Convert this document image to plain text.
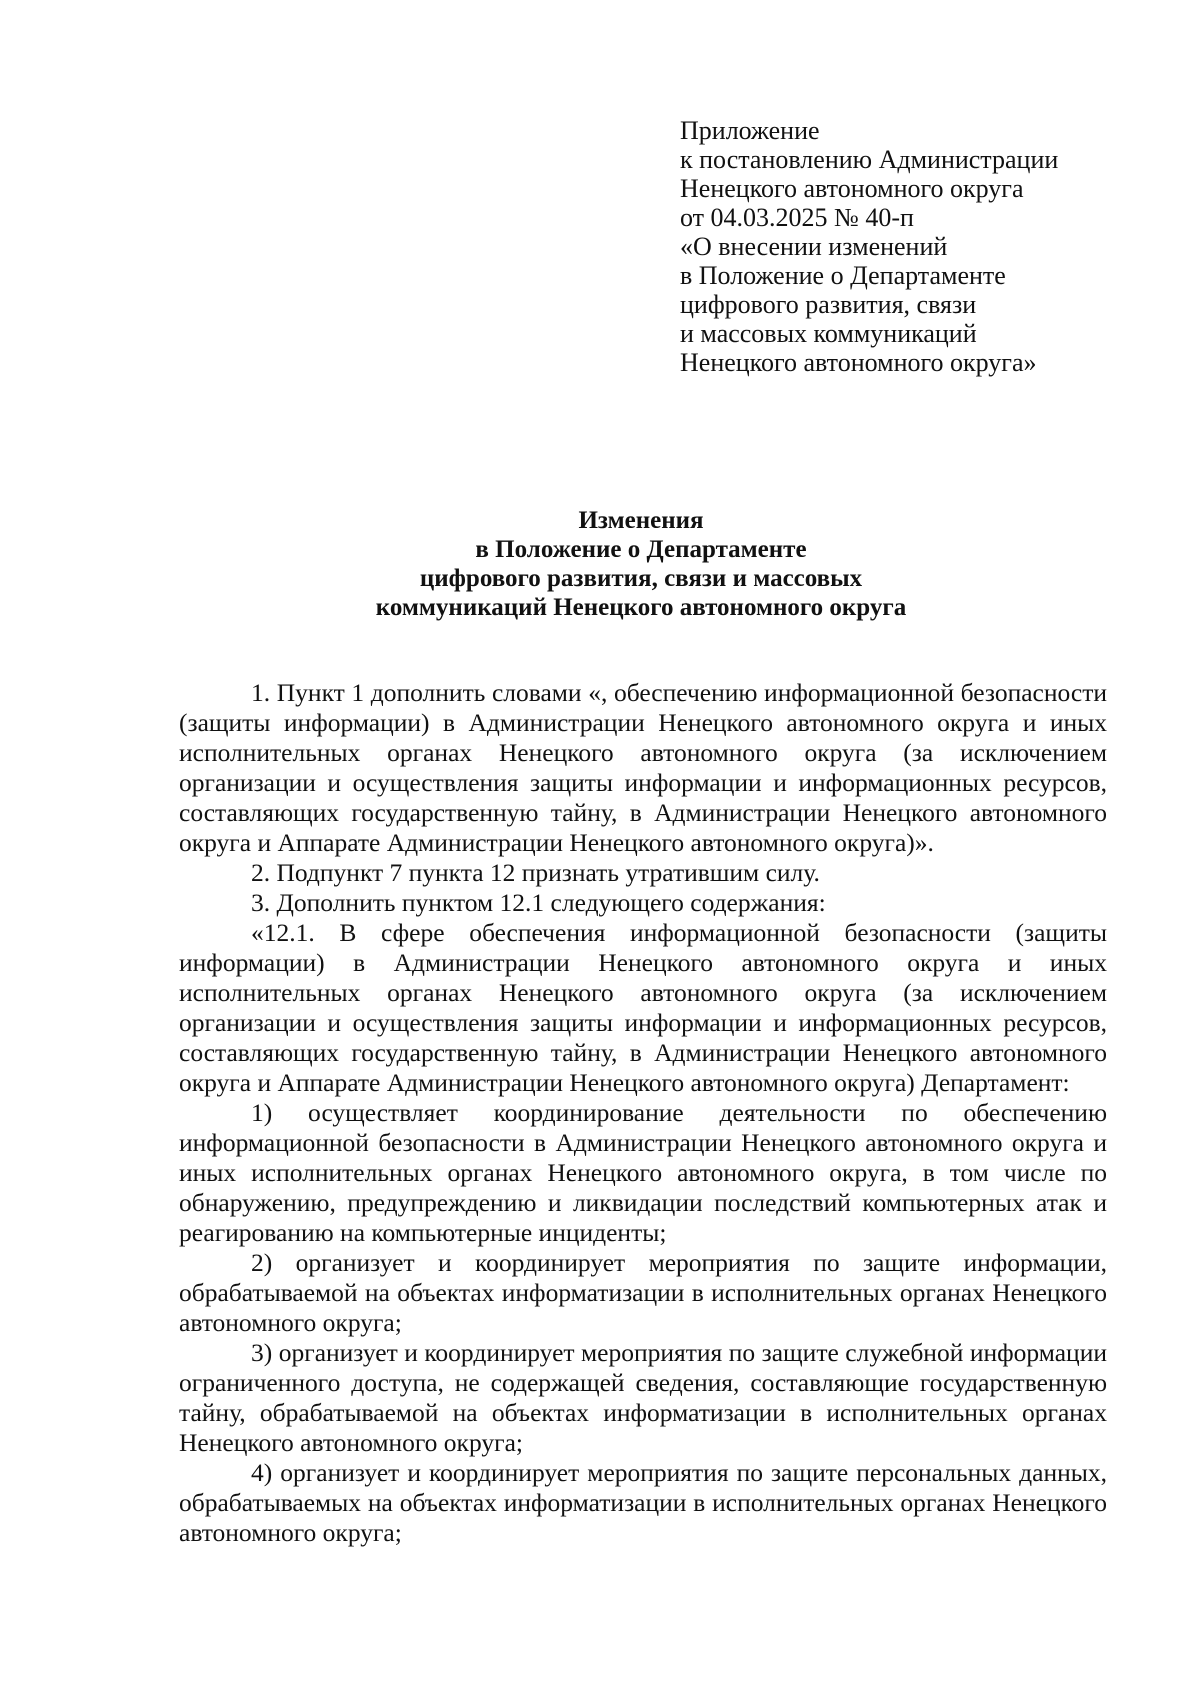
Приложение
к постановлению Администрации
Ненецкого автономного округа
от 04.03.2025 № 40-п
«О внесении изменений
в Положение о Департаменте
цифрового развития, связи
и массовых коммуникаций
Ненецкого автономного округа»
Изменения
в Положение о Департаменте
цифрового развития, связи и массовых
коммуникаций Ненецкого автономного округа

1. Пункт 1 дополнить словами «, обеспечению информационной безопасности (защиты информации) в Администрации Ненецкого автономного округа и иных исполнительных органах Ненецкого автономного округа (за исключением организации и осуществления защиты информации и информационных ресурсов, составляющих государственную тайну, в Администрации Ненецкого автономного округа и Аппарате Администрации Ненецкого автономного округа)».

2. Подпункт 7 пункта 12 признать утратившим силу.

3. Дополнить пунктом 12.1 следующего содержания:

«12.1. В сфере обеспечения информационной безопасности (защиты информации) в Администрации Ненецкого автономного округа и иных исполнительных органах Ненецкого автономного округа (за исключением организации и осуществления защиты информации и информационных ресурсов, составляющих государственную тайну, в Администрации Ненецкого автономного округа и Аппарате Администрации Ненецкого автономного округа) Департамент:

1) осуществляет координирование деятельности по обеспечению информационной безопасности в Администрации Ненецкого автономного округа и иных исполнительных органах Ненецкого автономного округа, в том числе по обнаружению, предупреждению и ликвидации последствий компьютерных атак и реагированию на компьютерные инциденты;

2) организует и координирует мероприятия по защите информации, обрабатываемой на объектах информатизации в исполнительных органах Ненецкого автономного округа;

3) организует и координирует мероприятия по защите служебной информации ограниченного доступа, не содержащей сведения, составляющие государственную тайну, обрабатываемой на объектах информатизации в исполнительных органах Ненецкого автономного округа;

4) организует и координирует мероприятия по защите персональных данных, обрабатываемых на объектах информатизации в исполнительных органах Ненецкого автономного округа;
